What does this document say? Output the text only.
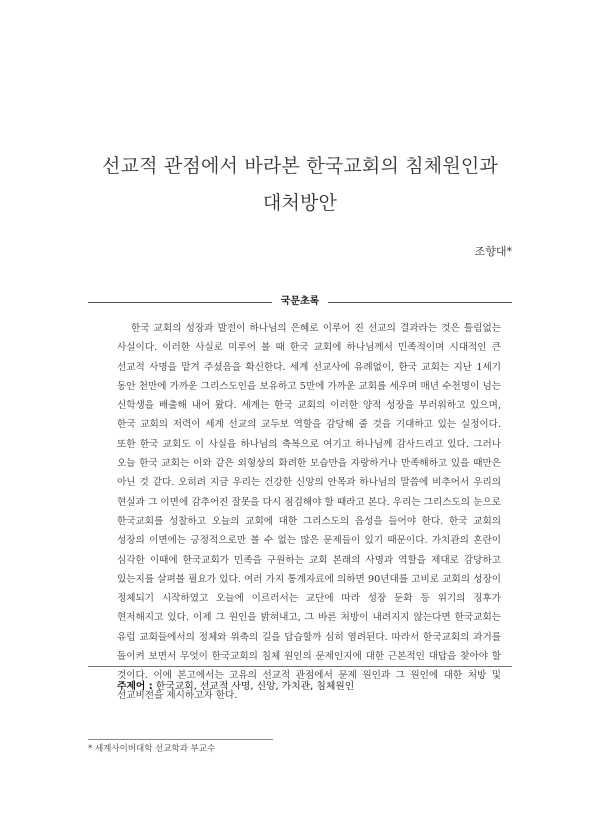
선교적 관점에서 바라본 한국교회의 침체원인과
대처방안
조향대*
국문초록

한국 교회의 성장과 발전이 하나님의 은혜로 이루어 진 선교의 결과라는 것은 틀림없는 사실이다. 이러한 사실로 미루어 볼 때 한국 교회에 하나님께서 민족적이며 시대적인 큰 선교적 사명을 맡겨 주셨음을 확신한다. 세계 선교사에 유례없이, 한국 교회는 지난 1세기 동안 천만에 가까운 그리스도인을 보유하고 5만에 가까운 교회를 세우며 매년 수천명이 넘는 신학생을 배출해 내어 왔다. 세계는 한국 교회의 이러한 양적 성장을 부러워하고 있으며, 한국 교회의 저력이 세계 선교의 교두보 역할을 감당해 줄 것을 기대하고 있는 실정이다. 또한 한국 교회도 이 사실을 하나님의 축복으로 여기고 하나님께 감사드리고 있다. 그러나 오늘 한국 교회는 이와 같은 외형상의 화려한 모습만을 자랑하거나 만족해하고 있을 때만은 아닌 것 같다. 오히려 지금 우리는 건강한 신앙의 안목과 하나님의 말씀에 비추어서 우리의 현실과 그 이면에 감추어진 잘못을 다시 점검해야 할 때라고 본다. 우리는 그리스도의 눈으로 한국교회를 성찰하고 오늘의 교회에 대한 그리스도의 음성을 들어야 한다. 한국 교회의 성장의 이면에는 긍정적으로만 볼 수 없는 많은 문제들이 있기 때문이다. 가치관의 혼란이 심각한 이때에 한국교회가 민족을 구원하는 교회 본래의 사명과 역할을 제대로 감당하고 있는지를 살펴볼 필요가 있다. 여러 가지 통계자료에 의하면 90년대를 고비로 교회의 성장이 정체되기 시작하였고 오늘에 이르러서는 교단에 따라 성장 둔화 등 위기의 징후가 현저해지고 있다. 이제 그 원인을 밝혀내고, 그 바른 처방이 내려지지 않는다면 한국교회는 유럽 교회들에서의 정체와 위축의 길을 답습할까 심히 염려된다. 따라서 한국교회의 과거를 돌이켜 보면서 무엇이 한국교회의 침체 원인의 문제인지에 대한 근본적인 대답을 찾아야 할 것이다. 이에 본고에서는 고유의 선교적 관점에서 문제 원인과 그 원인에 대한 처방 및 선교비전을 제시하고자 한다.

주제어 : 한국교회, 선교적 사명, 신앙, 가치관, 침체원인
* 세계사이버대학 선교학과 부교수
